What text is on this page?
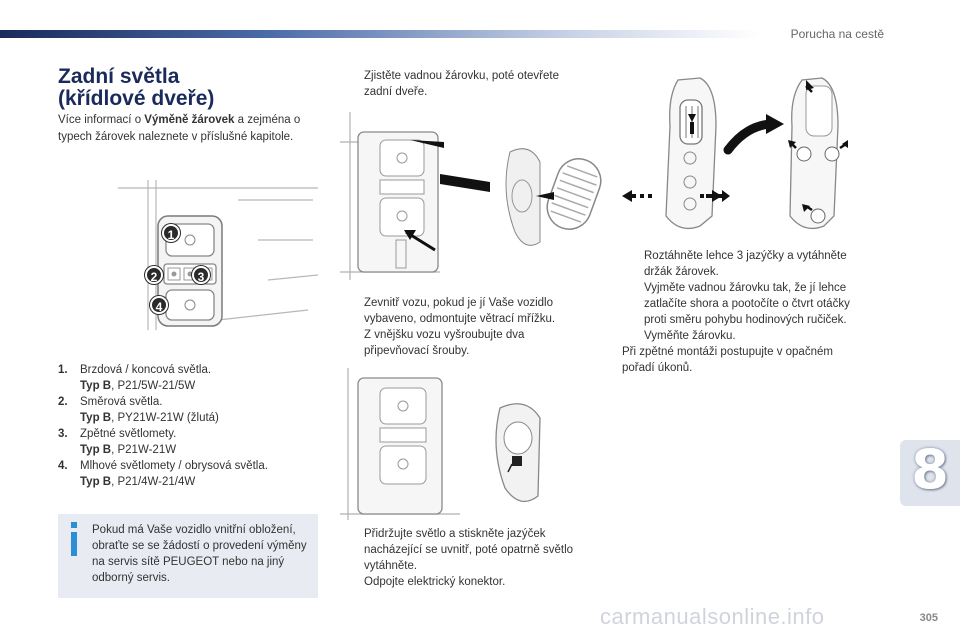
Porucha na cestě
Zadní světla
(křídlové dveře)
Více informací o Výměně žárovek a zejména o typech žárovek naleznete v příslušné kapitole.
1
2	3
4
1.	Brzdová / koncová světla.
Typ B, P21/5W-21/5W
2.	Směrová světla.
Typ B, PY21W-21W (žlutá)
3.	Zpětné světlomety.
Typ B, P21W-21W
4.	Mlhové světlomety / obrysová světla.
Typ B, P21/4W-21/4W
Pokud má Vaše vozidlo vnitřní obložení, obraťte se se žádostí o provedení výměny na servis sítě PEUGEOT nebo na jiný odborný servis.
Zjistěte vadnou žárovku, poté otevřete
zadní dveře.
Zevnitř vozu, pokud je jí Vaše vozidlo
vybaveno, odmontujte větrací mřížku.
Z vnějšku vozu vyšroubujte dva
připevňovací šrouby.
Přidržujte světlo a stiskněte jazýček
nacházející se uvnitř, poté opatrně světlo
vytáhněte.
Odpojte elektrický konektor.
Roztáhněte lehce 3 jazýčky a vytáhněte
držák žárovek.
Vyjměte vadnou žárovku tak, že jí lehce
zatlačíte shora a pootočíte o čtvrt otáčky
proti směru pohybu hodinových ručiček.
Vyměňte žárovku.
Při zpětné montáži postupujte v opačném
pořadí úkonů.
8
carmanualsonline.info	305
